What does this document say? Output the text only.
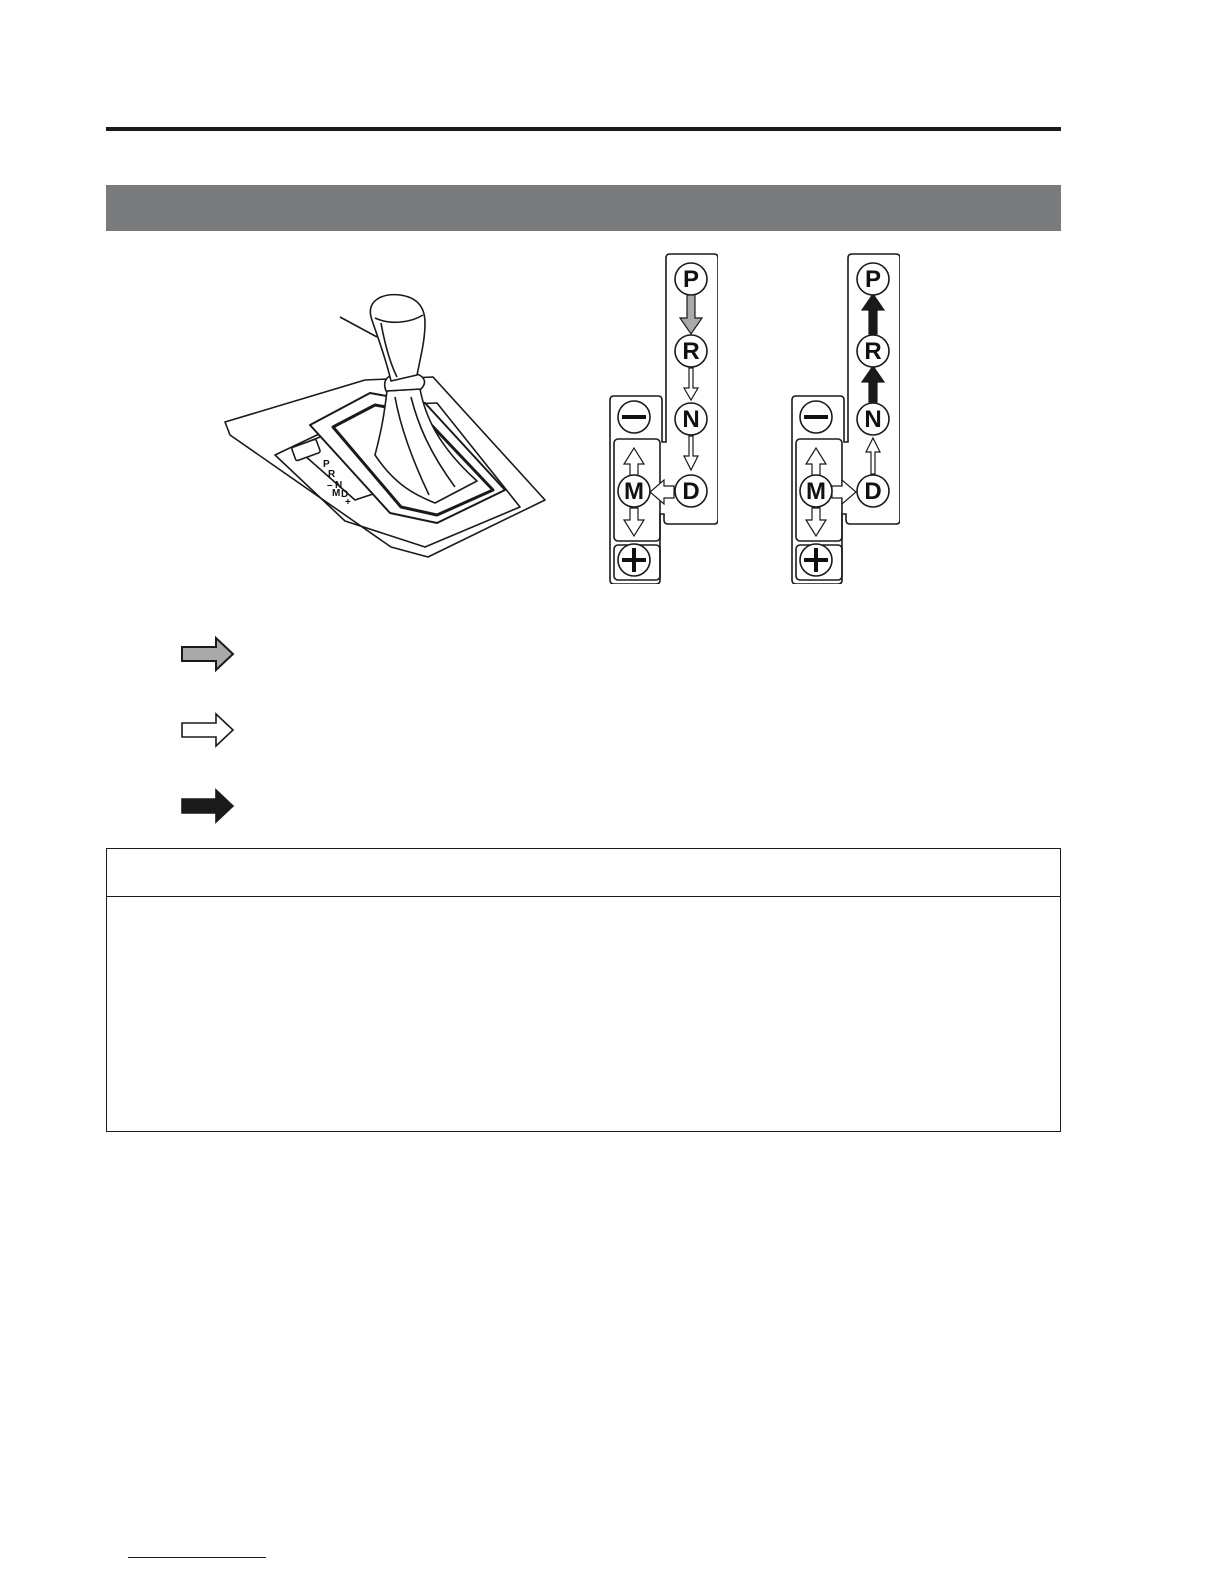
P
R
N
D
M
–
+
P
R
N
D
M
P
R
N
D
M
